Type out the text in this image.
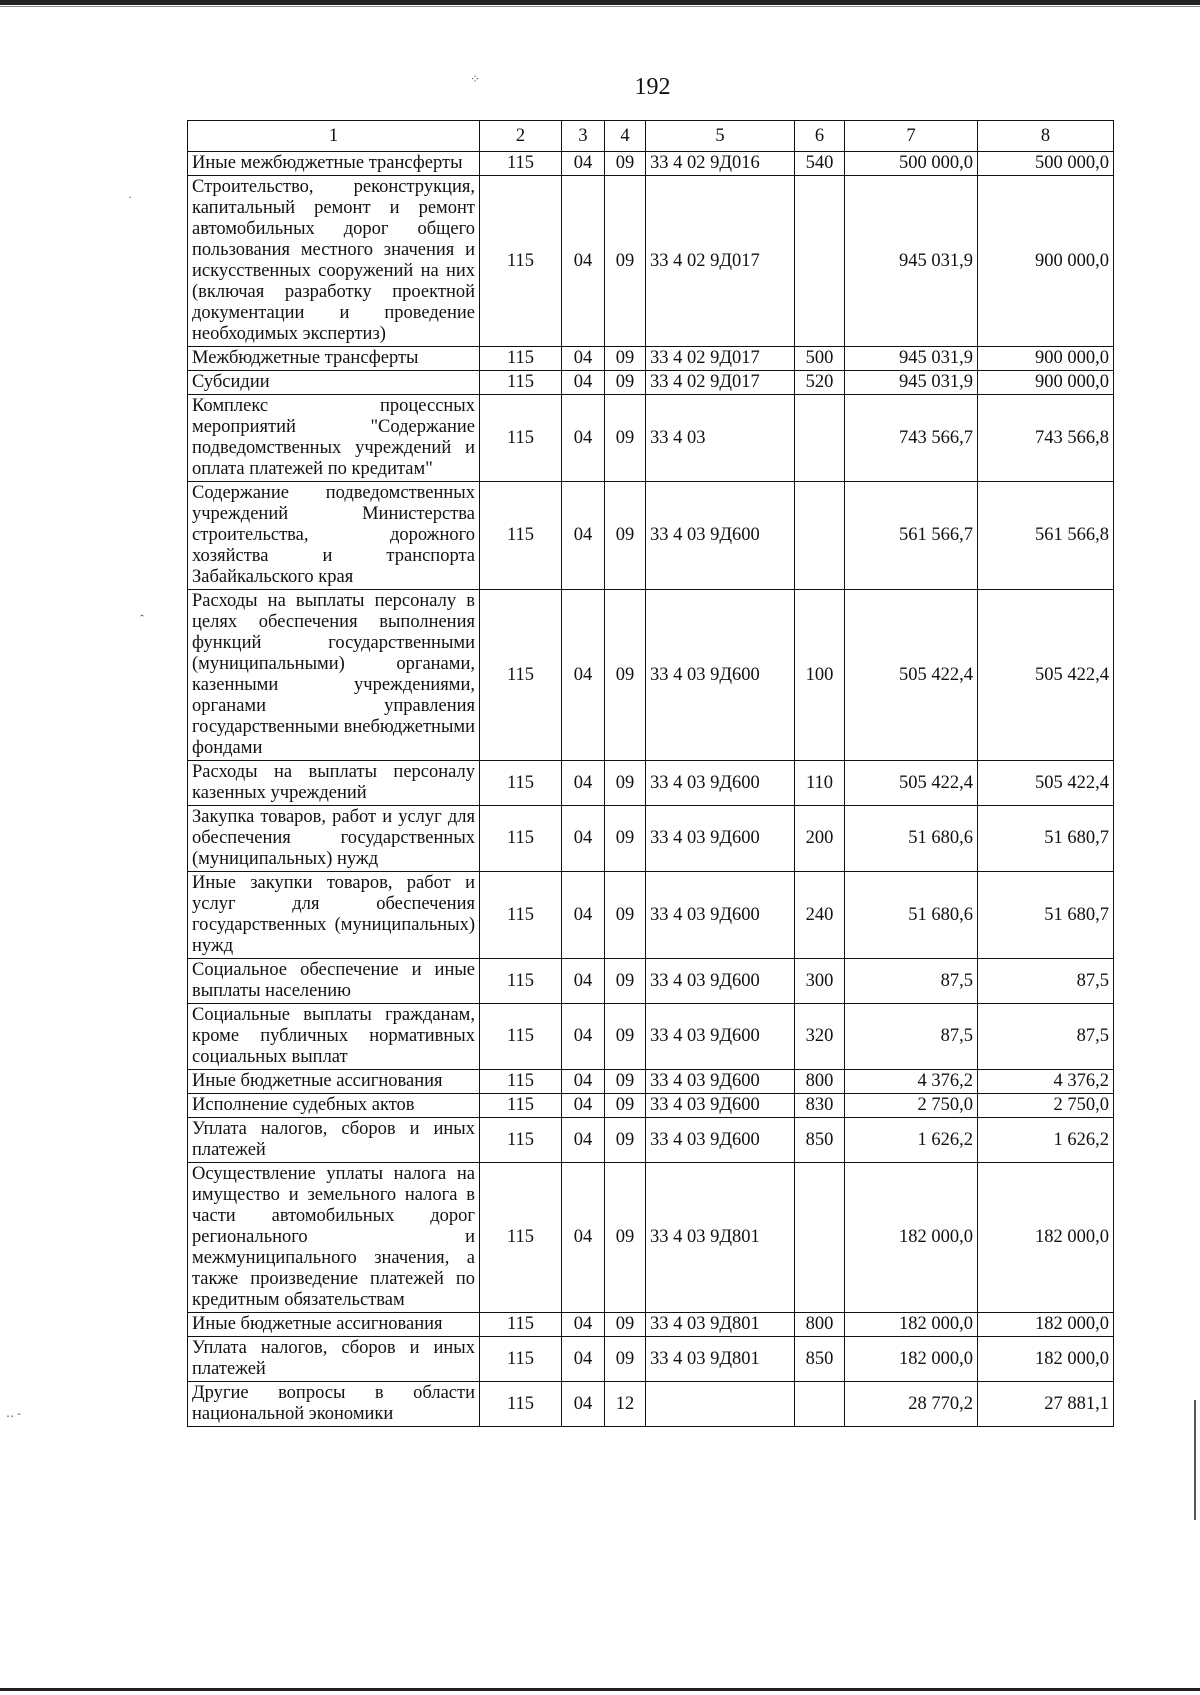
⁘
·
ˆ
‥ -
192
1	2	3	4	5	6	7	8
Иные межбюджетные трансферты	115	04	09	33 4 02 9Д016	540	500 000,0	500 000,0
Строительство, реконструкция, капитальный ремонт и ремонт автомобильных дорог общего пользования местного значения и искусственных сооружений на них (включая разработку проектной документации и проведение необходимых экспертиз)	115	04	09	33 4 02 9Д017		945 031,9	900 000,0
Межбюджетные трансферты	115	04	09	33 4 02 9Д017	500	945 031,9	900 000,0
Субсидии	115	04	09	33 4 02 9Д017	520	945 031,9	900 000,0
Комплекс процессных мероприятий "Содержание подведомственных учреждений и оплата платежей по кредитам"	115	04	09	33 4 03		743 566,7	743 566,8
Содержание подведомственных учреждений Министерства строительства, дорожного хозяйства и транспорта Забайкальского края	115	04	09	33 4 03 9Д600		561 566,7	561 566,8
Расходы на выплаты персоналу в целях обеспечения выполнения функций государственными (муниципальными) органами, казенными учреждениями, органами управления государственными внебюджетными фондами	115	04	09	33 4 03 9Д600	100	505 422,4	505 422,4
Расходы на выплаты персоналу казенных учреждений	115	04	09	33 4 03 9Д600	110	505 422,4	505 422,4
Закупка товаров, работ и услуг для обеспечения государственных (муниципальных) нужд	115	04	09	33 4 03 9Д600	200	51 680,6	51 680,7
Иные закупки товаров, работ и услуг для обеспечения государственных (муниципальных) нужд	115	04	09	33 4 03 9Д600	240	51 680,6	51 680,7
Социальное обеспечение и иные выплаты населению	115	04	09	33 4 03 9Д600	300	87,5	87,5
Социальные выплаты гражданам, кроме публичных нормативных социальных выплат	115	04	09	33 4 03 9Д600	320	87,5	87,5
Иные бюджетные ассигнования	115	04	09	33 4 03 9Д600	800	4 376,2	4 376,2
Исполнение судебных актов	115	04	09	33 4 03 9Д600	830	2 750,0	2 750,0
Уплата налогов, сборов и иных платежей	115	04	09	33 4 03 9Д600	850	1 626,2	1 626,2
Осуществление уплаты налога на имущество и земельного налога в части автомобильных дорог регионального и межмуниципального значения, а также произведение платежей по кредитным обязательствам	115	04	09	33 4 03 9Д801		182 000,0	182 000,0
Иные бюджетные ассигнования	115	04	09	33 4 03 9Д801	800	182 000,0	182 000,0
Уплата налогов, сборов и иных платежей	115	04	09	33 4 03 9Д801	850	182 000,0	182 000,0
Другие вопросы в области национальной экономики	115	04	12			28 770,2	27 881,1
